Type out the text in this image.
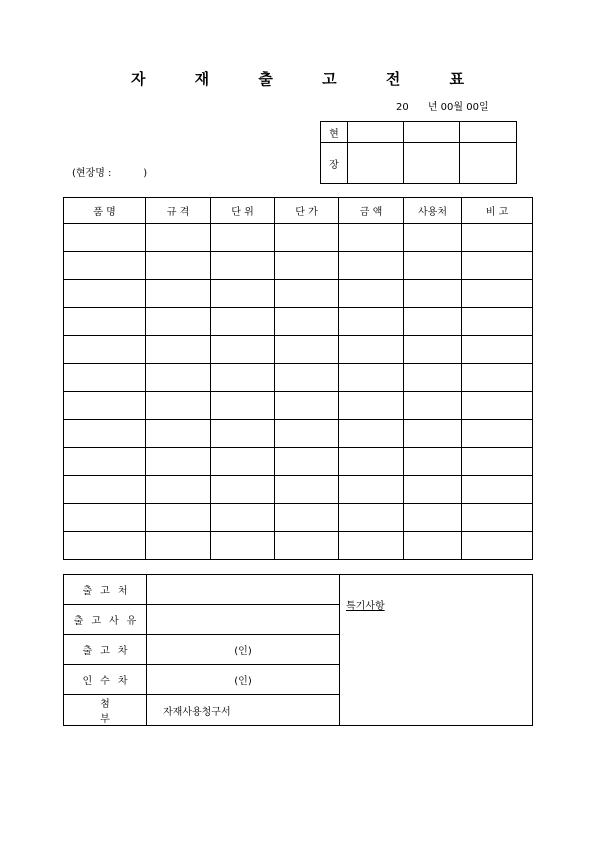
자 재 출 고 전 표
20 년 00월 00일
현			
장			
(현장명 :          )
품 명	규 격	단 위	단 가	금 액	사용처	비 고

출고처		특기사항
출고사유		
출고차	(인)	
인수차	(인)	
첨 부	자재사용청구서	
